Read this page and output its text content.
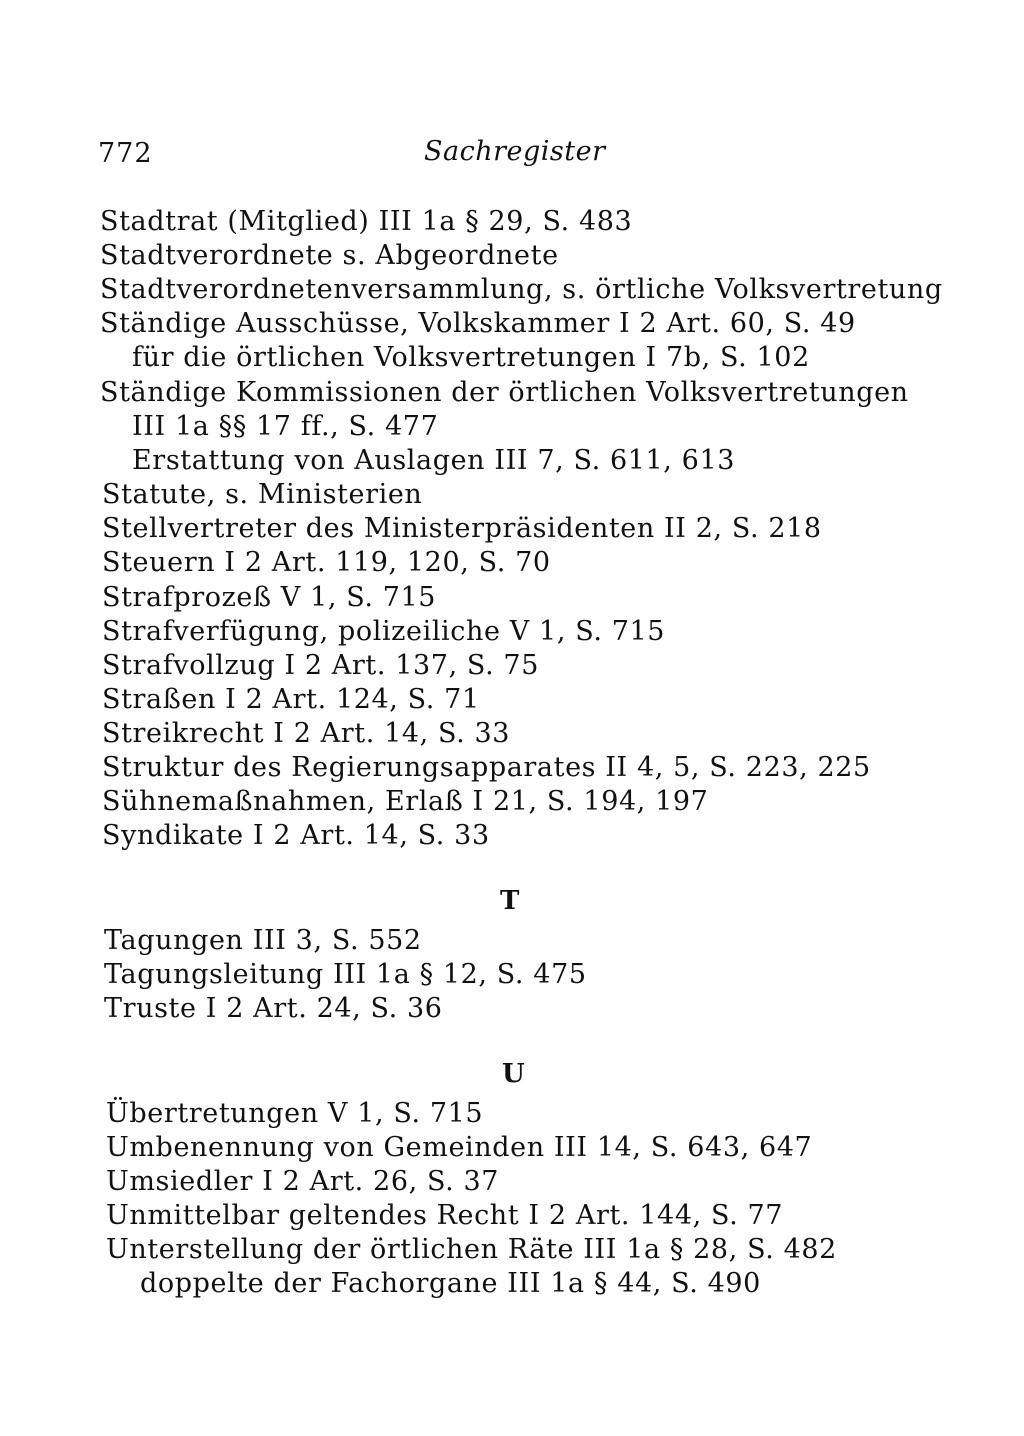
772	Sachregister
Stadtrat (Mitglied) III 1a § 29, S. 483
Stadtverordnete s. Abgeordnete
Stadtverordnetenversammlung, s. örtliche Volksvertretung
Ständige Ausschüsse, Volkskammer I 2 Art. 60, S. 49
für die örtlichen Volksvertretungen I 7b, S. 102
Ständige Kommissionen der örtlichen Volksvertretungen
III 1a §§ 17 ff., S. 477
Erstattung von Auslagen III 7, S. 611, 613
Statute, s. Ministerien
Stellvertreter des Ministerpräsidenten II 2, S. 218
Steuern I 2 Art. 119, 120, S. 70
Strafprozeß V 1, S. 715
Strafverfügung, polizeiliche V 1, S. 715
Strafvollzug I 2 Art. 137, S. 75
Straßen I 2 Art. 124, S. 71
Streikrecht I 2 Art. 14, S. 33
Struktur des Regierungsapparates II 4, 5, S. 223, 225
Sühnemaßnahmen, Erlaß I 21, S. 194, 197
Syndikate I 2 Art. 14, S. 33
T
Tagungen III 3, S. 552
Tagungsleitung III 1a § 12, S. 475
Truste I 2 Art. 24, S. 36
U
Übertretungen V 1, S. 715
Umbenennung von Gemeinden III 14, S. 643, 647
Umsiedler I 2 Art. 26, S. 37
Unmittelbar geltendes Recht I 2 Art. 144, S. 77
Unterstellung der örtlichen Räte III 1a § 28, S. 482
doppelte der Fachorgane III 1a § 44, S. 490
